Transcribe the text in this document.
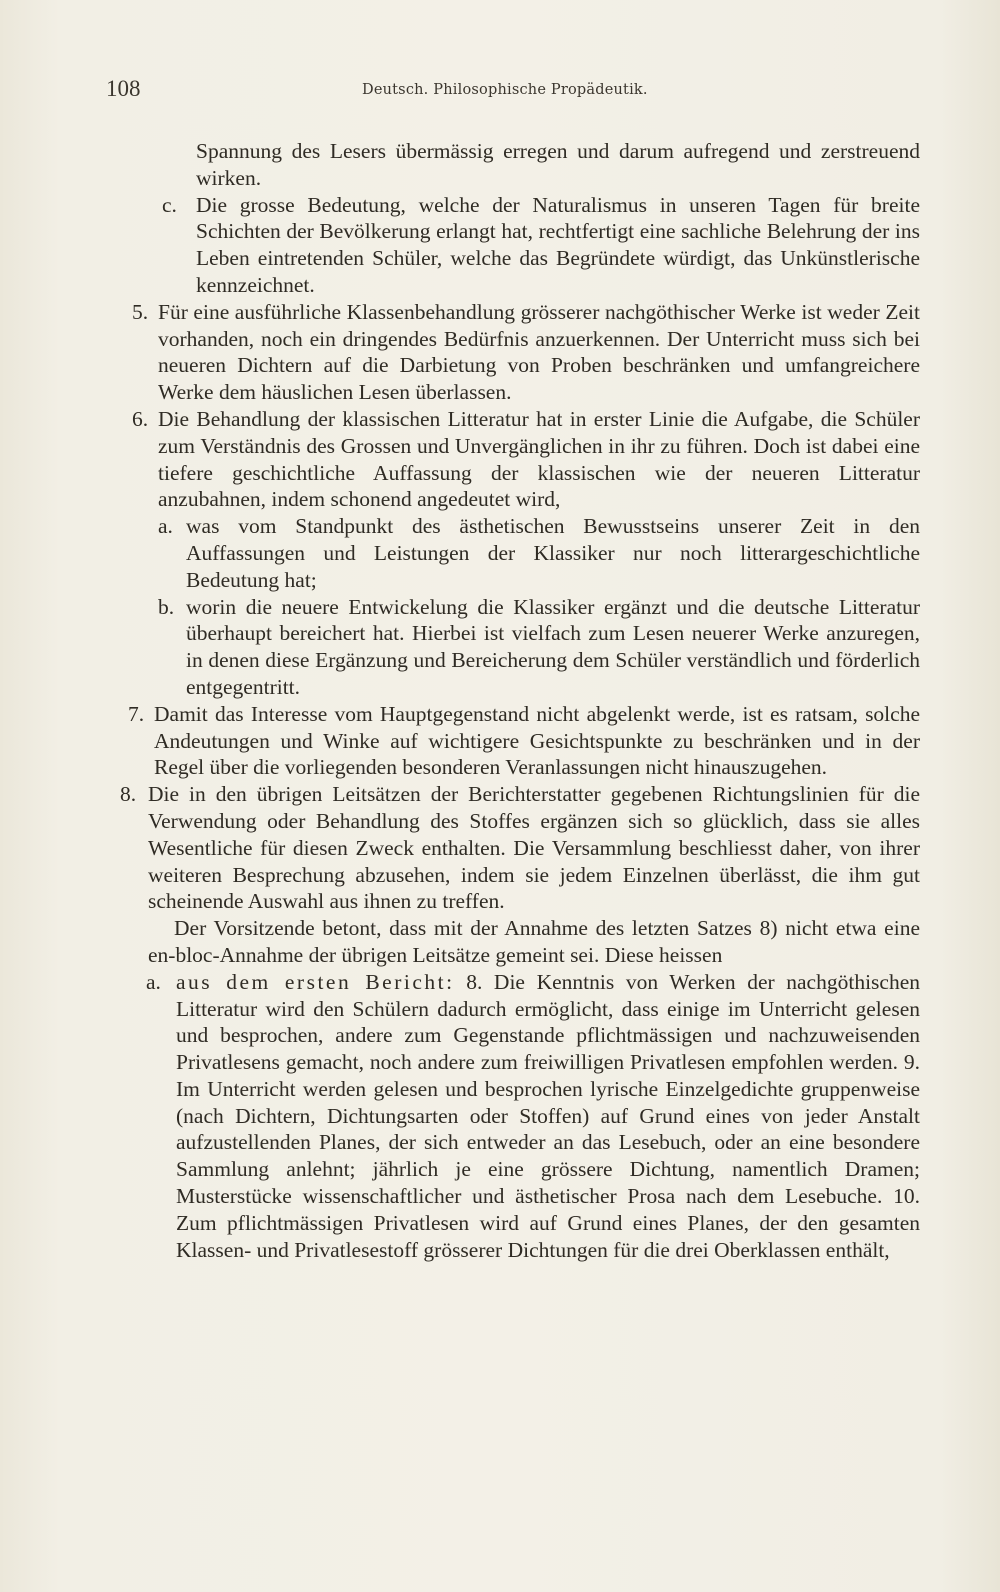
108	Deutsch. Philosophische Propädeutik.

Spannung des Lesers übermässig erregen und darum aufregend und zerstreuend wirken.

c. Die grosse Bedeutung, welche der Naturalismus in unseren Tagen für breite Schichten der Bevölkerung erlangt hat, rechtfertigt eine sachliche Belehrung der ins Leben eintretenden Schüler, welche das Begründete würdigt, das Unkünstlerische kennzeichnet.
5. Für eine ausführliche Klassenbehandlung grösserer nachgöthischer Werke ist weder Zeit vorhanden, noch ein dringendes Bedürfnis anzuerkennen. Der Unterricht muss sich bei neueren Dichtern auf die Darbietung von Proben beschränken und umfangreichere Werke dem häuslichen Lesen überlassen.
6. Die Behandlung der klassischen Litteratur hat in erster Linie die Aufgabe, die Schüler zum Verständnis des Grossen und Unvergänglichen in ihr zu führen. Doch ist dabei eine tiefere geschichtliche Auffassung der klassischen wie der neueren Litteratur anzubahnen, indem schonend angedeutet wird,
a. was vom Standpunkt des ästhetischen Bewusstseins unserer Zeit in den Auffassungen und Leistungen der Klassiker nur noch litterargeschichtliche Bedeutung hat;
b. worin die neuere Entwickelung die Klassiker ergänzt und die deutsche Litteratur überhaupt bereichert hat. Hierbei ist vielfach zum Lesen neuerer Werke anzuregen, in denen diese Ergänzung und Bereicherung dem Schüler verständlich und förderlich entgegentritt.
7. Damit das Interesse vom Hauptgegenstand nicht abgelenkt werde, ist es ratsam, solche Andeutungen und Winke auf wichtigere Gesichtspunkte zu beschränken und in der Regel über die vorliegenden besonderen Veranlassungen nicht hinauszugehen.
8. Die in den übrigen Leitsätzen der Berichterstatter gegebenen Richtungslinien für die Verwendung oder Behandlung des Stoffes ergänzen sich so glücklich, dass sie alles Wesentliche für diesen Zweck enthalten. Die Versammlung beschliesst daher, von ihrer weiteren Besprechung abzusehen, indem sie jedem Einzelnen überlässt, die ihm gut scheinende Auswahl aus ihnen zu treffen.

Der Vorsitzende betont, dass mit der Annahme des letzten Satzes 8) nicht etwa eine en-bloc-Annahme der übrigen Leitsätze gemeint sei. Diese heissen

a. aus dem ersten Bericht: 8. Die Kenntnis von Werken der nachgöthischen Litteratur wird den Schülern dadurch ermöglicht, dass einige im Unterricht gelesen und besprochen, andere zum Gegenstande pflichtmässigen und nachzuweisenden Privatlesens gemacht, noch andere zum freiwilligen Privatlesen empfohlen werden. 9. Im Unterricht werden gelesen und besprochen lyrische Einzelgedichte gruppenweise (nach Dichtern, Dichtungsarten oder Stoffen) auf Grund eines von jeder Anstalt aufzustellenden Planes, der sich entweder an das Lesebuch, oder an eine besondere Sammlung anlehnt; jährlich je eine grössere Dichtung, namentlich Dramen; Musterstücke wissenschaftlicher und ästhetischer Prosa nach dem Lesebuche. 10. Zum pflichtmässigen Privatlesen wird auf Grund eines Planes, der den gesamten Klassen- und Privatlesestoff grösserer Dichtungen für die drei Oberklassen enthält,
